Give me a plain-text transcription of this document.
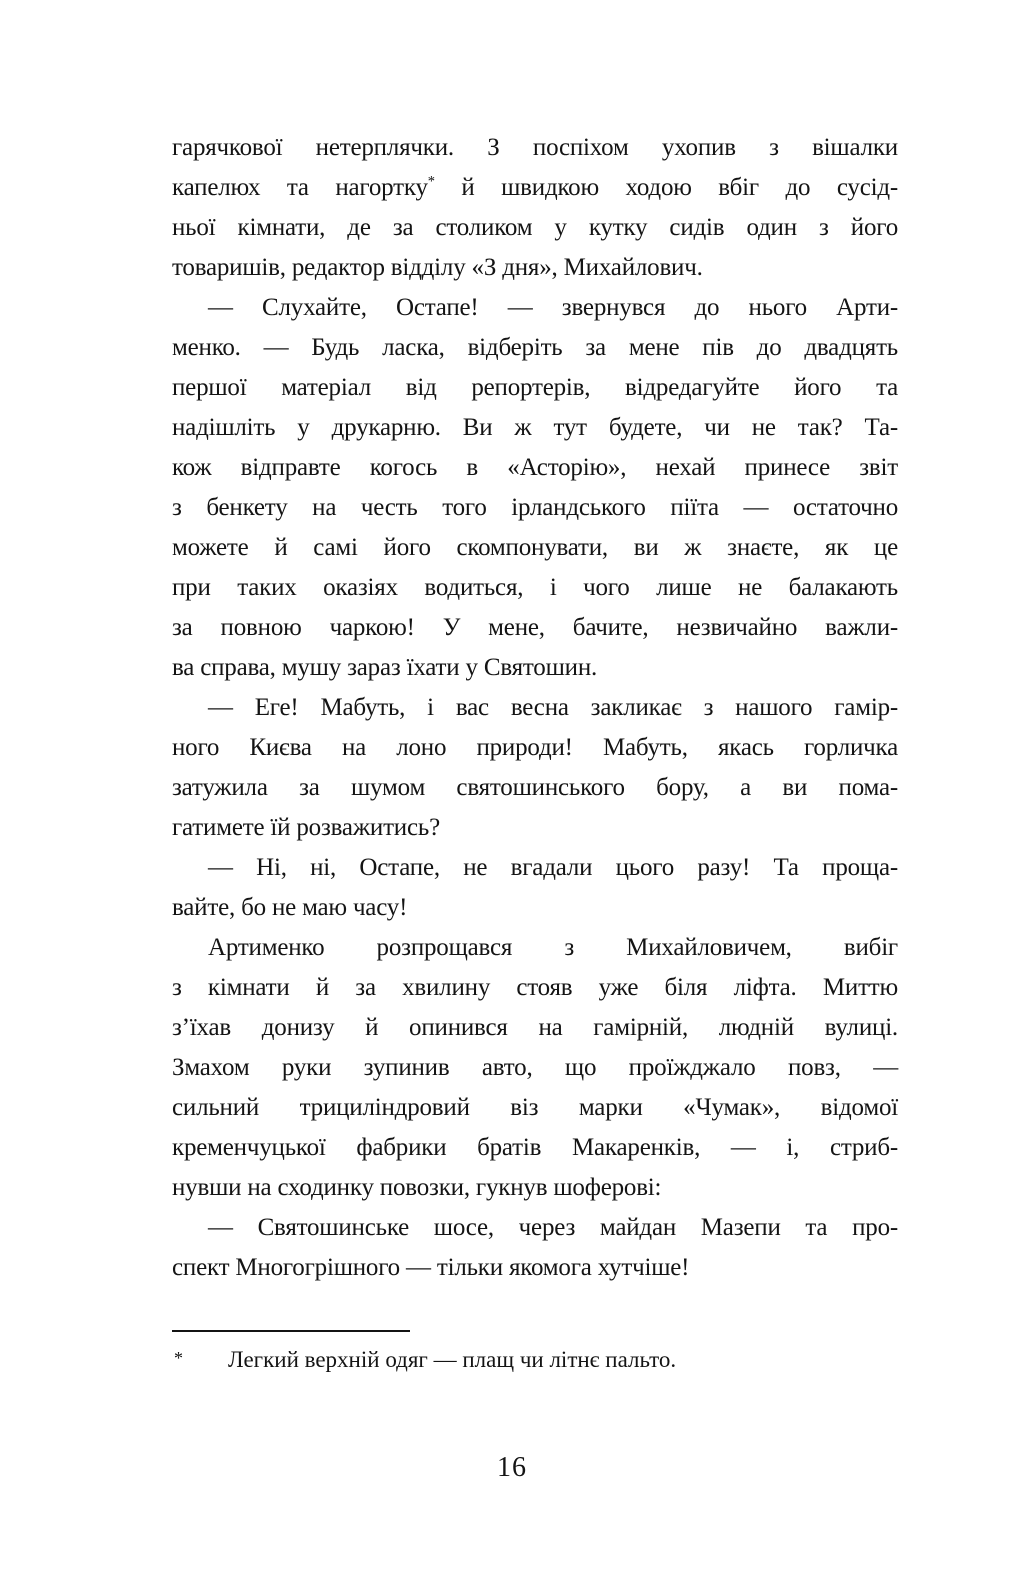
гарячкової нетерплячки. З поспіхом ухопив з вішалки
капелюх та нагортку* й швидкою ходою вбіг до сусід-
ньої кімнати, де за столиком у кутку сидів один з його
товаришів, редактор відділу «З дня», Михайлович.
— Слухайте, Остапе! — звернувся до нього Арти-
менко. — Будь ласка, відберіть за мене пів до двадцять
першої матеріал від репортерів, відредагуйте його та
надішліть у друкарню. Ви ж тут будете, чи не так? Та-
кож відправте когось в «Асторію», нехай принесе звіт
з бенкету на честь того ірландського піїта — остаточно
можете й самі його скомпонувати, ви ж знаєте, як це
при таких оказіях водиться, і чого лише не балакають
за повною чаркою! У мене, бачите, незвичайно важли-
ва справа, мушу зараз їхати у Святошин.
— Еге! Мабуть, і вас весна закликає з нашого гамір-
ного Києва на лоно природи! Мабуть, якась горличка
затужила за шумом святошинського бору, а ви пома-
гатимете їй розважитись?
— Ні, ні, Остапе, не вгадали цього разу! Та проща-
вайте, бо не маю часу!
Артименко розпрощався з Михайловичем, вибіг
з кімнати й за хвилину стояв уже біля ліфта. Миттю
з’їхав донизу й опинився на гамірній, людній вулиці.
Змахом руки зупинив авто, що проїжджало повз, —
сильний трициліндровий віз марки «Чумак», відомої
кременчуцької фабрики братів Макаренків, — і, стриб-
нувши на сходинку повозки, гукнув шоферові:
— Святошинське шосе, через майдан Мазепи та про-
спект Многогрішного — тільки якомога хутчіше!
*	Легкий верхній одяг — плащ чи літнє пальто.
16
